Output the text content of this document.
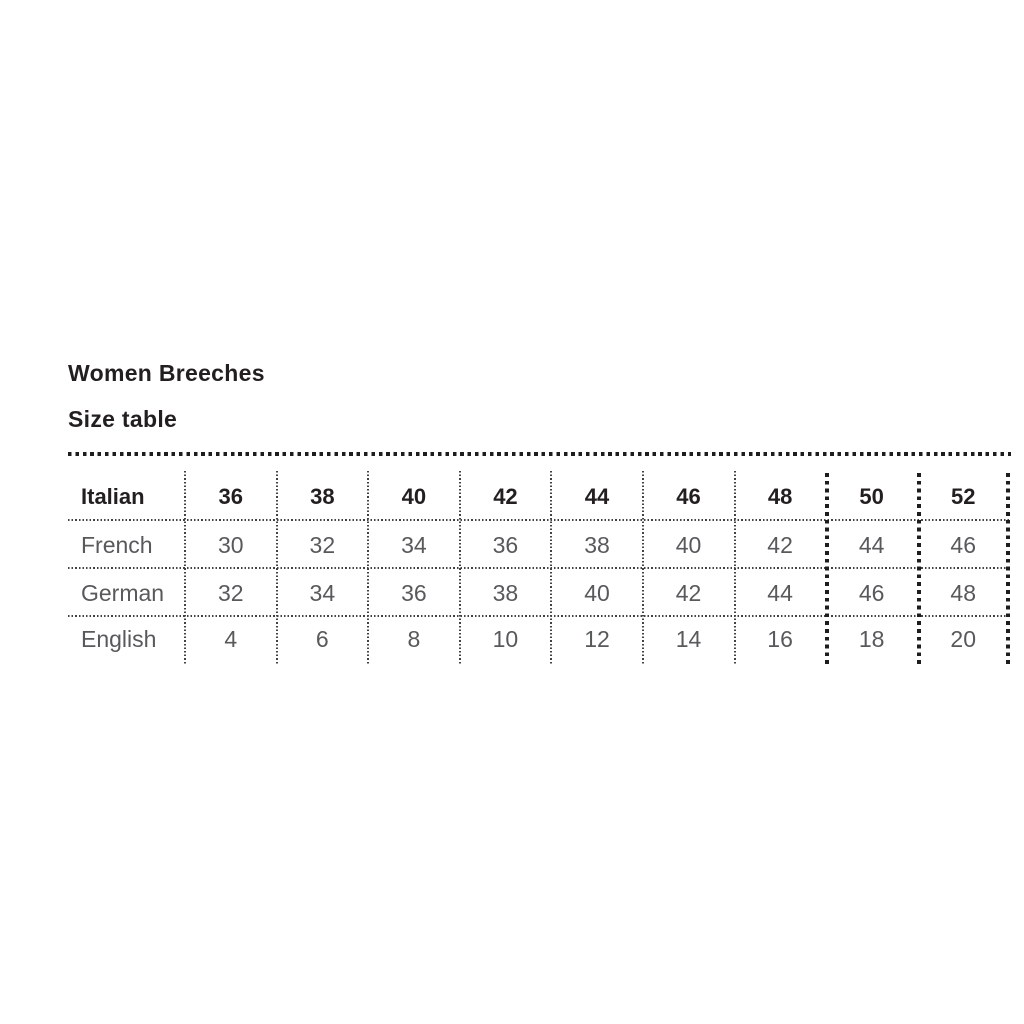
Women Breeches
Size table
Italian	36	38	40	42	44	46	48	50	52
French	30	32	34	36	38	40	42	44	46
German	32	34	36	38	40	42	44	46	48
English	4	6	8	10	12	14	16	18	20
